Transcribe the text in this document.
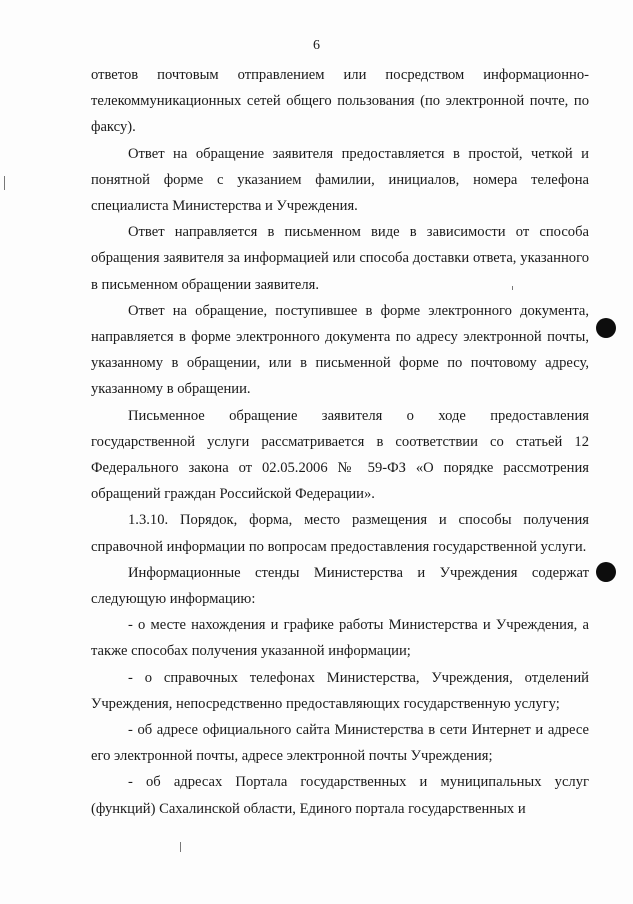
6

ответов почтовым отправлением или посредством информационно-телекоммуникационных сетей общего пользования (по электронной почте, по факсу).

Ответ на обращение заявителя предоставляется в простой, четкой и понятной форме с указанием фамилии, инициалов, номера телефона специалиста Министерства и Учреждения.

Ответ направляется в письменном виде в зависимости от способа обращения заявителя за информацией или способа доставки ответа, указанного в письменном обращении заявителя.

Ответ на обращение, поступившее в форме электронного документа, направляется в форме электронного документа по адресу электронной почты, указанному в обращении, или в письменной форме по почтовому адресу, указанному в обращении.

Письменное обращение заявителя о ходе предоставления государственной услуги рассматривается в соответствии со статьей 12 Федерального закона от 02.05.2006 № 59-ФЗ «О порядке рассмотрения обращений граждан Российской Федерации».

1.3.10. Порядок, форма, место размещения и способы получения справочной информации по вопросам предоставления государственной услуги.

Информационные стенды Министерства и Учреждения содержат следующую информацию:

- о месте нахождения и графике работы Министерства и Учреждения, а также способах получения указанной информации;

- о справочных телефонах Министерства, Учреждения, отделений Учреждения, непосредственно предоставляющих государственную услугу;

- об адресе официального сайта Министерства в сети Интернет и адресе его электронной почты, адресе электронной почты Учреждения;

- об адресах Портала государственных и муниципальных услуг (функций) Сахалинской области, Единого портала государственных и
